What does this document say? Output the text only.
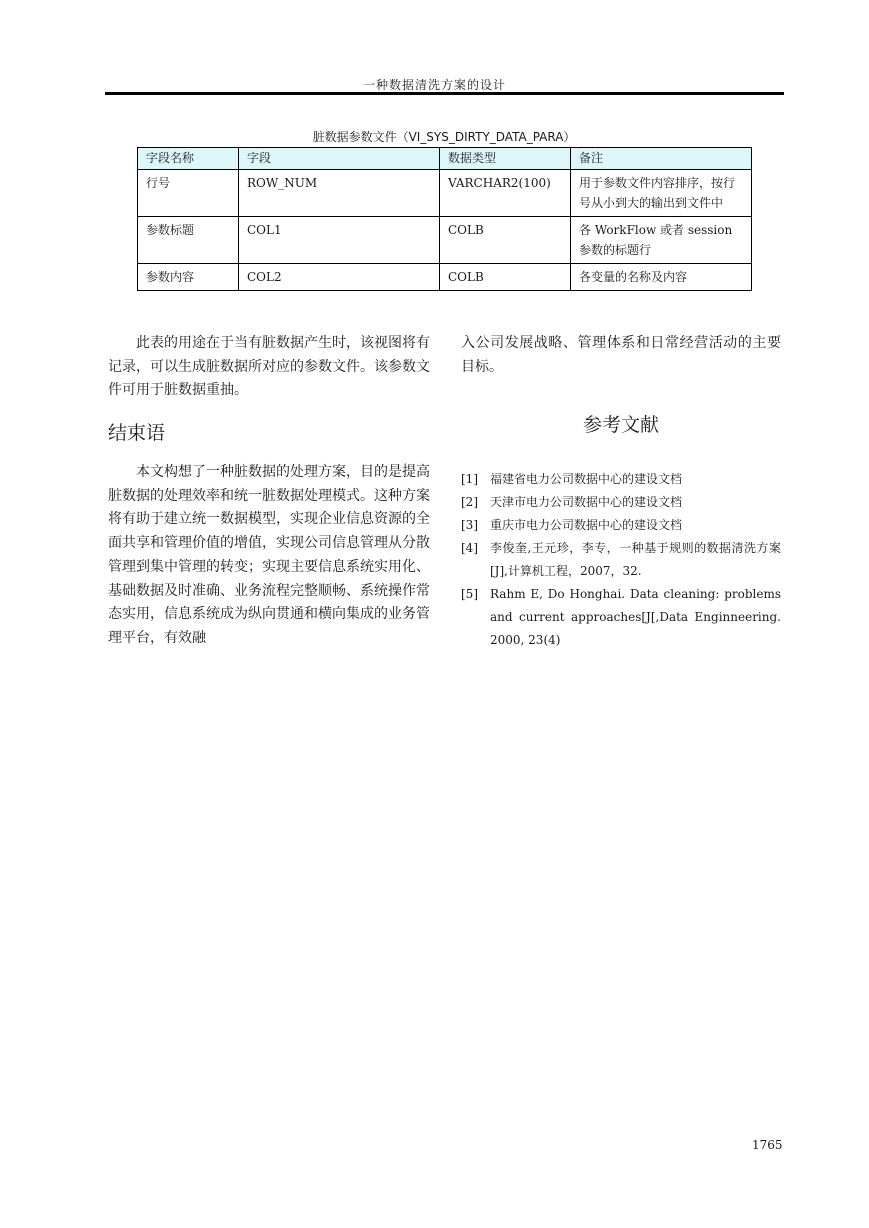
一种数据清洗方案的设计
脏数据参数文件（VI_SYS_DIRTY_DATA_PARA）
字段名称	字段	数据类型	备注
行号	ROW_NUM	VARCHAR2(100)	用于参数文件内容排序，按行号从小到大的输出到文件中
参数标题	COL1	COLB	各 WorkFlow 或者 session 参数的标题行
参数内容	COL2	COLB	各变量的名称及内容

此表的用途在于当有脏数据产生时，该视图将有记录，可以生成脏数据所对应的参数文件。该参数文件可用于脏数据重抽。

结束语

本文构想了一种脏数据的处理方案，目的是提高脏数据的处理效率和统一脏数据处理模式。这种方案将有助于建立统一数据模型，实现企业信息资源的全面共享和管理价值的增值，实现公司信息管理从分散管理到集中管理的转变；实现主要信息系统实用化、基础数据及时准确、业务流程完整顺畅、系统操作常态实用，信息系统成为纵向贯通和横向集成的业务管理平台，有效融

入公司发展战略、管理体系和日常经营活动的主要目标。

参考文献
[1]	福建省电力公司数据中心的建设文档
[2]	天津市电力公司数据中心的建设文档
[3]	重庆市电力公司数据中心的建设文档
[4]	李俊奎,王元珍，李专，一种基于规则的数据清洗方案[J],计算机工程，2007，32.
[5]	Rahm E, Do Honghai. Data cleaning: problems and current approaches[J[,Data Enginneering. 2000, 23(4)
1765
